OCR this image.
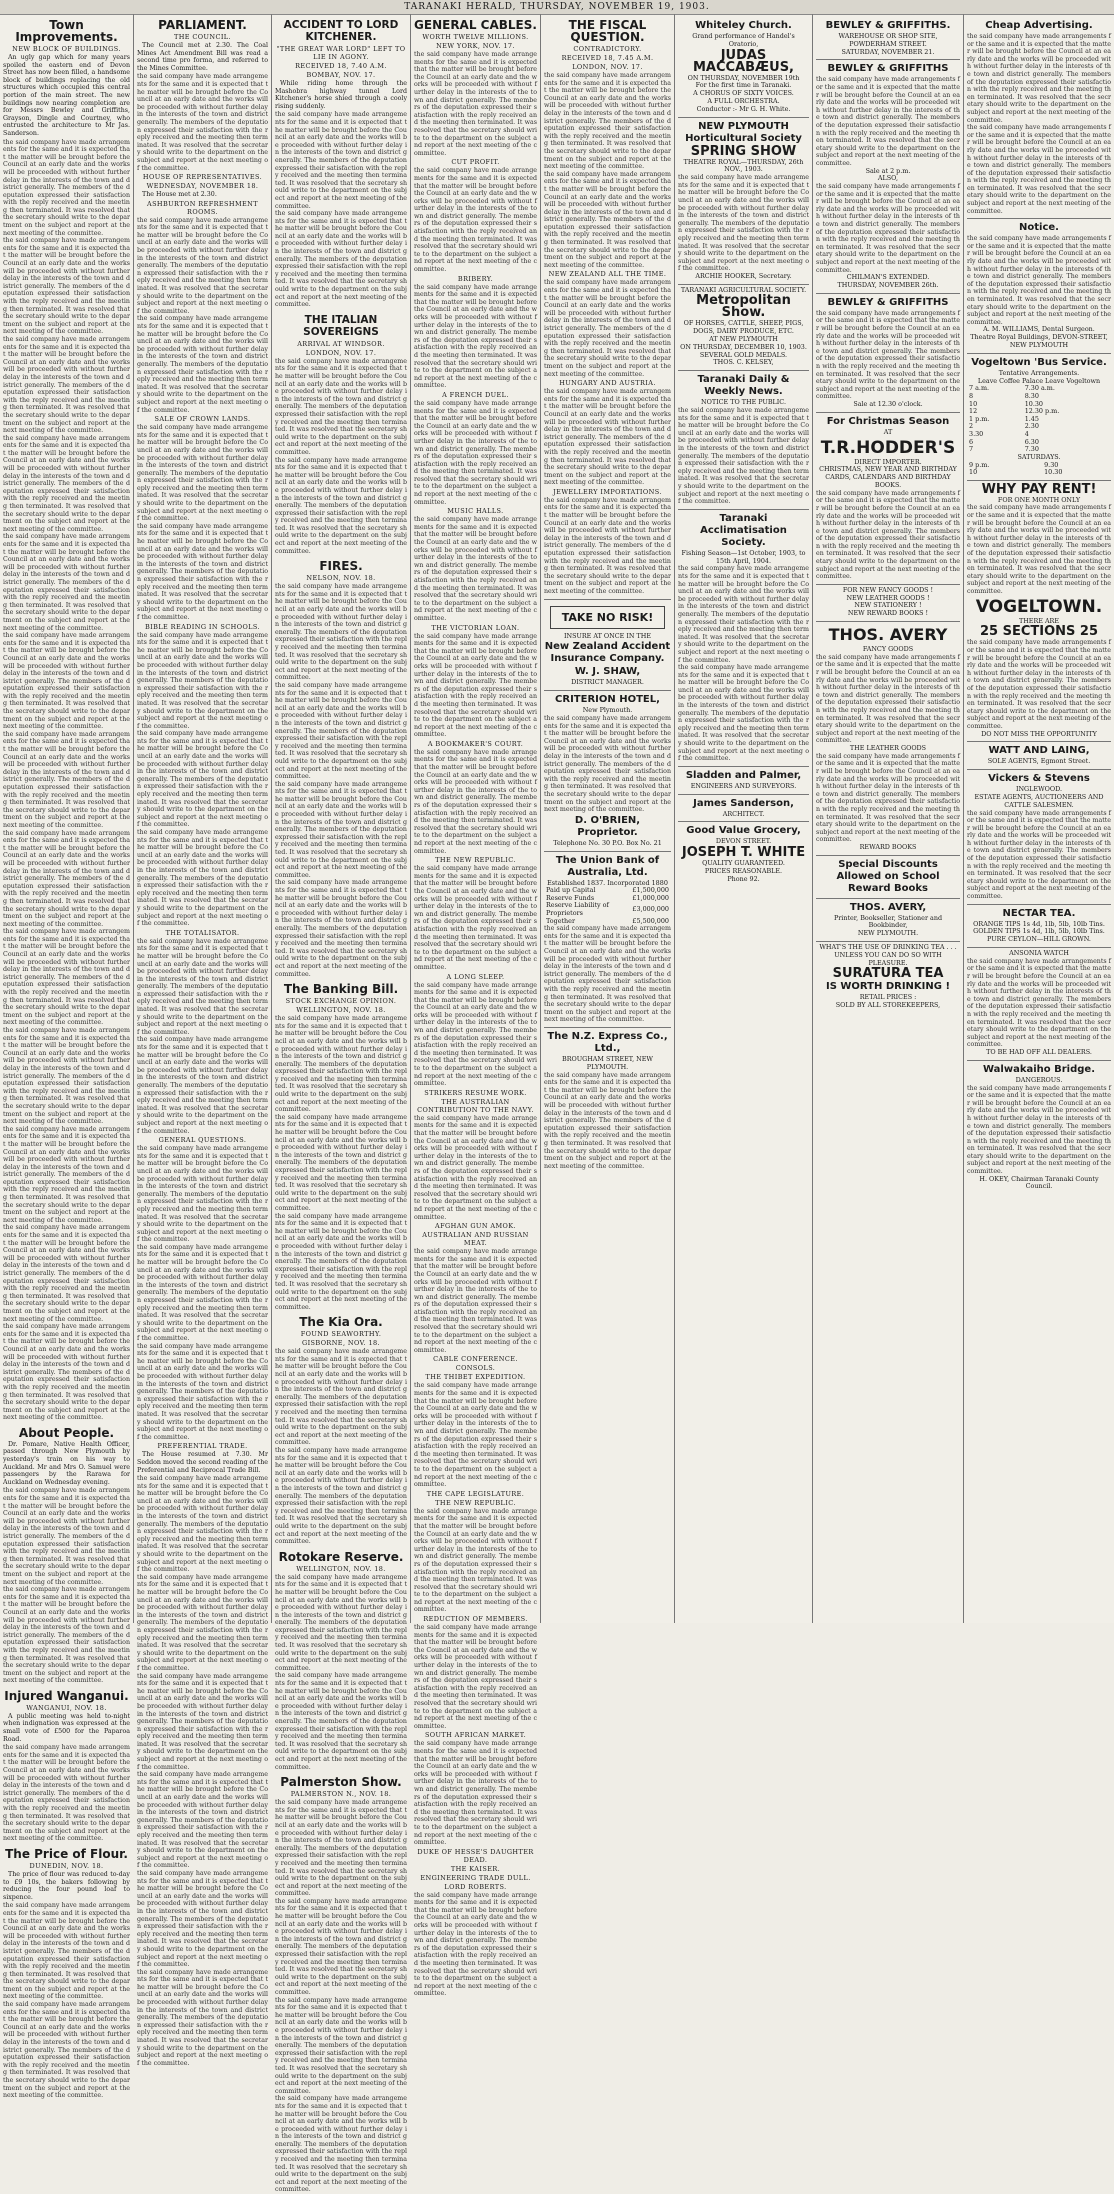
TARANAKI HERALD, THURSDAY, NOVEMBER 19, 1903.
Town Improvements.
NEW BLOCK OF BUILDINGS.

An ugly gap which for many years spoiled the eastern end of Devon Street has now been filled, a handsome block of buildings replacing the old structures which occupied this central portion of the main street. The new buildings now nearing completion are for Messrs Bewley and Griffiths, Grayson, Dingle and Courtney, who entrusted the architecture to Mr Jas. Sanderson.

the said company have made arrangements for the same and it is expected that the matter will be brought before the Council at an early date and the works will be proceeded with without further delay in the interests of the town and district generally. The members of the deputation expressed their satisfaction with the reply received and the meeting then terminated. It was resolved that the secretary should write to the department on the subject and report at the next meeting of the committee.

the said company have made arrangements for the same and it is expected that the matter will be brought before the Council at an early date and the works will be proceeded with without further delay in the interests of the town and district generally. The members of the deputation expressed their satisfaction with the reply received and the meeting then terminated. It was resolved that the secretary should write to the department on the subject and report at the next meeting of the committee.

the said company have made arrangements for the same and it is expected that the matter will be brought before the Council at an early date and the works will be proceeded with without further delay in the interests of the town and district generally. The members of the deputation expressed their satisfaction with the reply received and the meeting then terminated. It was resolved that the secretary should write to the department on the subject and report at the next meeting of the committee.

the said company have made arrangements for the same and it is expected that the matter will be brought before the Council at an early date and the works will be proceeded with without further delay in the interests of the town and district generally. The members of the deputation expressed their satisfaction with the reply received and the meeting then terminated. It was resolved that the secretary should write to the department on the subject and report at the next meeting of the committee.

the said company have made arrangements for the same and it is expected that the matter will be brought before the Council at an early date and the works will be proceeded with without further delay in the interests of the town and district generally. The members of the deputation expressed their satisfaction with the reply received and the meeting then terminated. It was resolved that the secretary should write to the department on the subject and report at the next meeting of the committee.

the said company have made arrangements for the same and it is expected that the matter will be brought before the Council at an early date and the works will be proceeded with without further delay in the interests of the town and district generally. The members of the deputation expressed their satisfaction with the reply received and the meeting then terminated. It was resolved that the secretary should write to the department on the subject and report at the next meeting of the committee.

the said company have made arrangements for the same and it is expected that the matter will be brought before the Council at an early date and the works will be proceeded with without further delay in the interests of the town and district generally. The members of the deputation expressed their satisfaction with the reply received and the meeting then terminated. It was resolved that the secretary should write to the department on the subject and report at the next meeting of the committee.

the said company have made arrangements for the same and it is expected that the matter will be brought before the Council at an early date and the works will be proceeded with without further delay in the interests of the town and district generally. The members of the deputation expressed their satisfaction with the reply received and the meeting then terminated. It was resolved that the secretary should write to the department on the subject and report at the next meeting of the committee.

the said company have made arrangements for the same and it is expected that the matter will be brought before the Council at an early date and the works will be proceeded with without further delay in the interests of the town and district generally. The members of the deputation expressed their satisfaction with the reply received and the meeting then terminated. It was resolved that the secretary should write to the department on the subject and report at the next meeting of the committee.

the said company have made arrangements for the same and it is expected that the matter will be brought before the Council at an early date and the works will be proceeded with without further delay in the interests of the town and district generally. The members of the deputation expressed their satisfaction with the reply received and the meeting then terminated. It was resolved that the secretary should write to the department on the subject and report at the next meeting of the committee.

the said company have made arrangements for the same and it is expected that the matter will be brought before the Council at an early date and the works will be proceeded with without further delay in the interests of the town and district generally. The members of the deputation expressed their satisfaction with the reply received and the meeting then terminated. It was resolved that the secretary should write to the department on the subject and report at the next meeting of the committee.

the said company have made arrangements for the same and it is expected that the matter will be brought before the Council at an early date and the works will be proceeded with without further delay in the interests of the town and district generally. The members of the deputation expressed their satisfaction with the reply received and the meeting then terminated. It was resolved that the secretary should write to the department on the subject and report at the next meeting of the committee.

the said company have made arrangements for the same and it is expected that the matter will be brought before the Council at an early date and the works will be proceeded with without further delay in the interests of the town and district generally. The members of the deputation expressed their satisfaction with the reply received and the meeting then terminated. It was resolved that the secretary should write to the department on the subject and report at the next meeting of the committee.

About People.

Dr. Pomare, Native Health Officer, passed through New Plymouth by yesterday's train on his way to Auckland. Mr and Mrs O. Samuel were passengers by the Rarawa for Auckland on Wednesday evening.

the said company have made arrangements for the same and it is expected that the matter will be brought before the Council at an early date and the works will be proceeded with without further delay in the interests of the town and district generally. The members of the deputation expressed their satisfaction with the reply received and the meeting then terminated. It was resolved that the secretary should write to the department on the subject and report at the next meeting of the committee.

the said company have made arrangements for the same and it is expected that the matter will be brought before the Council at an early date and the works will be proceeded with without further delay in the interests of the town and district generally. The members of the deputation expressed their satisfaction with the reply received and the meeting then terminated. It was resolved that the secretary should write to the department on the subject and report at the next meeting of the committee.

Injured Wanganui.
WANGANUI, NOV. 18.

A public meeting was held to-night when indignation was expressed at the small vote of £500 for the Paparoa Road.

the said company have made arrangements for the same and it is expected that the matter will be brought before the Council at an early date and the works will be proceeded with without further delay in the interests of the town and district generally. The members of the deputation expressed their satisfaction with the reply received and the meeting then terminated. It was resolved that the secretary should write to the department on the subject and report at the next meeting of the committee.

The Price of Flour.
DUNEDIN, NOV. 18.

The price of flour was reduced to-day to £9 10s, the bakers following by reducing the four pound loaf to sixpence.

the said company have made arrangements for the same and it is expected that the matter will be brought before the Council at an early date and the works will be proceeded with without further delay in the interests of the town and district generally. The members of the deputation expressed their satisfaction with the reply received and the meeting then terminated. It was resolved that the secretary should write to the department on the subject and report at the next meeting of the committee.

the said company have made arrangements for the same and it is expected that the matter will be brought before the Council at an early date and the works will be proceeded with without further delay in the interests of the town and district generally. The members of the deputation expressed their satisfaction with the reply received and the meeting then terminated. It was resolved that the secretary should write to the department on the subject and report at the next meeting of the committee.

PARLIAMENT.
THE COUNCIL.

The Council met at 2.30. The Coal Mines Act Amendment Bill was read a second time pro forma, and referred to the Mines Committee.

the said company have made arrangements for the same and it is expected that the matter will be brought before the Council at an early date and the works will be proceeded with without further delay in the interests of the town and district generally. The members of the deputation expressed their satisfaction with the reply received and the meeting then terminated. It was resolved that the secretary should write to the department on the subject and report at the next meeting of the committee.

HOUSE OF REPRESENTATIVES.
WEDNESDAY, NOVEMBER 18.

The House met at 2.30.

ASHBURTON REFRESHMENT ROOMS.

the said company have made arrangements for the same and it is expected that the matter will be brought before the Council at an early date and the works will be proceeded with without further delay in the interests of the town and district generally. The members of the deputation expressed their satisfaction with the reply received and the meeting then terminated. It was resolved that the secretary should write to the department on the subject and report at the next meeting of the committee.

the said company have made arrangements for the same and it is expected that the matter will be brought before the Council at an early date and the works will be proceeded with without further delay in the interests of the town and district generally. The members of the deputation expressed their satisfaction with the reply received and the meeting then terminated. It was resolved that the secretary should write to the department on the subject and report at the next meeting of the committee.

SALE OF CROWN LANDS.

the said company have made arrangements for the same and it is expected that the matter will be brought before the Council at an early date and the works will be proceeded with without further delay in the interests of the town and district generally. The members of the deputation expressed their satisfaction with the reply received and the meeting then terminated. It was resolved that the secretary should write to the department on the subject and report at the next meeting of the committee.

the said company have made arrangements for the same and it is expected that the matter will be brought before the Council at an early date and the works will be proceeded with without further delay in the interests of the town and district generally. The members of the deputation expressed their satisfaction with the reply received and the meeting then terminated. It was resolved that the secretary should write to the department on the subject and report at the next meeting of the committee.

BIBLE READING IN SCHOOLS.

the said company have made arrangements for the same and it is expected that the matter will be brought before the Council at an early date and the works will be proceeded with without further delay in the interests of the town and district generally. The members of the deputation expressed their satisfaction with the reply received and the meeting then terminated. It was resolved that the secretary should write to the department on the subject and report at the next meeting of the committee.

the said company have made arrangements for the same and it is expected that the matter will be brought before the Council at an early date and the works will be proceeded with without further delay in the interests of the town and district generally. The members of the deputation expressed their satisfaction with the reply received and the meeting then terminated. It was resolved that the secretary should write to the department on the subject and report at the next meeting of the committee.

the said company have made arrangements for the same and it is expected that the matter will be brought before the Council at an early date and the works will be proceeded with without further delay in the interests of the town and district generally. The members of the deputation expressed their satisfaction with the reply received and the meeting then terminated. It was resolved that the secretary should write to the department on the subject and report at the next meeting of the committee.

THE TOTALISATOR.

the said company have made arrangements for the same and it is expected that the matter will be brought before the Council at an early date and the works will be proceeded with without further delay in the interests of the town and district generally. The members of the deputation expressed their satisfaction with the reply received and the meeting then terminated. It was resolved that the secretary should write to the department on the subject and report at the next meeting of the committee.

the said company have made arrangements for the same and it is expected that the matter will be brought before the Council at an early date and the works will be proceeded with without further delay in the interests of the town and district generally. The members of the deputation expressed their satisfaction with the reply received and the meeting then terminated. It was resolved that the secretary should write to the department on the subject and report at the next meeting of the committee.

GENERAL QUESTIONS.

the said company have made arrangements for the same and it is expected that the matter will be brought before the Council at an early date and the works will be proceeded with without further delay in the interests of the town and district generally. The members of the deputation expressed their satisfaction with the reply received and the meeting then terminated. It was resolved that the secretary should write to the department on the subject and report at the next meeting of the committee.

the said company have made arrangements for the same and it is expected that the matter will be brought before the Council at an early date and the works will be proceeded with without further delay in the interests of the town and district generally. The members of the deputation expressed their satisfaction with the reply received and the meeting then terminated. It was resolved that the secretary should write to the department on the subject and report at the next meeting of the committee.

the said company have made arrangements for the same and it is expected that the matter will be brought before the Council at an early date and the works will be proceeded with without further delay in the interests of the town and district generally. The members of the deputation expressed their satisfaction with the reply received and the meeting then terminated. It was resolved that the secretary should write to the department on the subject and report at the next meeting of the committee.

PREFERENTIAL TRADE.

The House resumed at 7.30. Mr Seddon moved the second reading of the Preferential and Reciprocal Trade Bill.

the said company have made arrangements for the same and it is expected that the matter will be brought before the Council at an early date and the works will be proceeded with without further delay in the interests of the town and district generally. The members of the deputation expressed their satisfaction with the reply received and the meeting then terminated. It was resolved that the secretary should write to the department on the subject and report at the next meeting of the committee.

the said company have made arrangements for the same and it is expected that the matter will be brought before the Council at an early date and the works will be proceeded with without further delay in the interests of the town and district generally. The members of the deputation expressed their satisfaction with the reply received and the meeting then terminated. It was resolved that the secretary should write to the department on the subject and report at the next meeting of the committee.

the said company have made arrangements for the same and it is expected that the matter will be brought before the Council at an early date and the works will be proceeded with without further delay in the interests of the town and district generally. The members of the deputation expressed their satisfaction with the reply received and the meeting then terminated. It was resolved that the secretary should write to the department on the subject and report at the next meeting of the committee.

the said company have made arrangements for the same and it is expected that the matter will be brought before the Council at an early date and the works will be proceeded with without further delay in the interests of the town and district generally. The members of the deputation expressed their satisfaction with the reply received and the meeting then terminated. It was resolved that the secretary should write to the department on the subject and report at the next meeting of the committee.

the said company have made arrangements for the same and it is expected that the matter will be brought before the Council at an early date and the works will be proceeded with without further delay in the interests of the town and district generally. The members of the deputation expressed their satisfaction with the reply received and the meeting then terminated. It was resolved that the secretary should write to the department on the subject and report at the next meeting of the committee.

the said company have made arrangements for the same and it is expected that the matter will be brought before the Council at an early date and the works will be proceeded with without further delay in the interests of the town and district generally. The members of the deputation expressed their satisfaction with the reply received and the meeting then terminated. It was resolved that the secretary should write to the department on the subject and report at the next meeting of the committee.

ACCIDENT TO LORD KITCHENER.
"THE GREAT WAR LORD" LEFT TO LIE IN AGONY.
RECEIVED 18, 7.40 A.M.
BOMBAY, NOV. 17.

While riding home through the Mashobra highway tunnel Lord Kitchener's horse shied through a cooly rising suddenly.

the said company have made arrangements for the same and it is expected that the matter will be brought before the Council at an early date and the works will be proceeded with without further delay in the interests of the town and district generally. The members of the deputation expressed their satisfaction with the reply received and the meeting then terminated. It was resolved that the secretary should write to the department on the subject and report at the next meeting of the committee.

the said company have made arrangements for the same and it is expected that the matter will be brought before the Council at an early date and the works will be proceeded with without further delay in the interests of the town and district generally. The members of the deputation expressed their satisfaction with the reply received and the meeting then terminated. It was resolved that the secretary should write to the department on the subject and report at the next meeting of the committee.

THE ITALIAN SOVEREIGNS
ARRIVAL AT WINDSOR.
LONDON, NOV. 17.

the said company have made arrangements for the same and it is expected that the matter will be brought before the Council at an early date and the works will be proceeded with without further delay in the interests of the town and district generally. The members of the deputation expressed their satisfaction with the reply received and the meeting then terminated. It was resolved that the secretary should write to the department on the subject and report at the next meeting of the committee.

the said company have made arrangements for the same and it is expected that the matter will be brought before the Council at an early date and the works will be proceeded with without further delay in the interests of the town and district generally. The members of the deputation expressed their satisfaction with the reply received and the meeting then terminated. It was resolved that the secretary should write to the department on the subject and report at the next meeting of the committee.

FIRES.
NELSON, NOV. 18.

the said company have made arrangements for the same and it is expected that the matter will be brought before the Council at an early date and the works will be proceeded with without further delay in the interests of the town and district generally. The members of the deputation expressed their satisfaction with the reply received and the meeting then terminated. It was resolved that the secretary should write to the department on the subject and report at the next meeting of the committee.

the said company have made arrangements for the same and it is expected that the matter will be brought before the Council at an early date and the works will be proceeded with without further delay in the interests of the town and district generally. The members of the deputation expressed their satisfaction with the reply received and the meeting then terminated. It was resolved that the secretary should write to the department on the subject and report at the next meeting of the committee.

the said company have made arrangements for the same and it is expected that the matter will be brought before the Council at an early date and the works will be proceeded with without further delay in the interests of the town and district generally. The members of the deputation expressed their satisfaction with the reply received and the meeting then terminated. It was resolved that the secretary should write to the department on the subject and report at the next meeting of the committee.

the said company have made arrangements for the same and it is expected that the matter will be brought before the Council at an early date and the works will be proceeded with without further delay in the interests of the town and district generally. The members of the deputation expressed their satisfaction with the reply received and the meeting then terminated. It was resolved that the secretary should write to the department on the subject and report at the next meeting of the committee.

The Banking Bill.
STOCK EXCHANGE OPINION.
WELLINGTON, NOV. 18.

the said company have made arrangements for the same and it is expected that the matter will be brought before the Council at an early date and the works will be proceeded with without further delay in the interests of the town and district generally. The members of the deputation expressed their satisfaction with the reply received and the meeting then terminated. It was resolved that the secretary should write to the department on the subject and report at the next meeting of the committee.

the said company have made arrangements for the same and it is expected that the matter will be brought before the Council at an early date and the works will be proceeded with without further delay in the interests of the town and district generally. The members of the deputation expressed their satisfaction with the reply received and the meeting then terminated. It was resolved that the secretary should write to the department on the subject and report at the next meeting of the committee.

the said company have made arrangements for the same and it is expected that the matter will be brought before the Council at an early date and the works will be proceeded with without further delay in the interests of the town and district generally. The members of the deputation expressed their satisfaction with the reply received and the meeting then terminated. It was resolved that the secretary should write to the department on the subject and report at the next meeting of the committee.

The Kia Ora.
FOUND SEAWORTHY.
GISBORNE, NOV. 18.

the said company have made arrangements for the same and it is expected that the matter will be brought before the Council at an early date and the works will be proceeded with without further delay in the interests of the town and district generally. The members of the deputation expressed their satisfaction with the reply received and the meeting then terminated. It was resolved that the secretary should write to the department on the subject and report at the next meeting of the committee.

the said company have made arrangements for the same and it is expected that the matter will be brought before the Council at an early date and the works will be proceeded with without further delay in the interests of the town and district generally. The members of the deputation expressed their satisfaction with the reply received and the meeting then terminated. It was resolved that the secretary should write to the department on the subject and report at the next meeting of the committee.

Rotokare Reserve.
WELLINGTON, NOV. 18.

the said company have made arrangements for the same and it is expected that the matter will be brought before the Council at an early date and the works will be proceeded with without further delay in the interests of the town and district generally. The members of the deputation expressed their satisfaction with the reply received and the meeting then terminated. It was resolved that the secretary should write to the department on the subject and report at the next meeting of the committee.

the said company have made arrangements for the same and it is expected that the matter will be brought before the Council at an early date and the works will be proceeded with without further delay in the interests of the town and district generally. The members of the deputation expressed their satisfaction with the reply received and the meeting then terminated. It was resolved that the secretary should write to the department on the subject and report at the next meeting of the committee.

Palmerston Show.
PALMERSTON N., NOV. 18.

the said company have made arrangements for the same and it is expected that the matter will be brought before the Council at an early date and the works will be proceeded with without further delay in the interests of the town and district generally. The members of the deputation expressed their satisfaction with the reply received and the meeting then terminated. It was resolved that the secretary should write to the department on the subject and report at the next meeting of the committee.

the said company have made arrangements for the same and it is expected that the matter will be brought before the Council at an early date and the works will be proceeded with without further delay in the interests of the town and district generally. The members of the deputation expressed their satisfaction with the reply received and the meeting then terminated. It was resolved that the secretary should write to the department on the subject and report at the next meeting of the committee.

the said company have made arrangements for the same and it is expected that the matter will be brought before the Council at an early date and the works will be proceeded with without further delay in the interests of the town and district generally. The members of the deputation expressed their satisfaction with the reply received and the meeting then terminated. It was resolved that the secretary should write to the department on the subject and report at the next meeting of the committee.

the said company have made arrangements for the same and it is expected that the matter will be brought before the Council at an early date and the works will be proceeded with without further delay in the interests of the town and district generally. The members of the deputation expressed their satisfaction with the reply received and the meeting then terminated. It was resolved that the secretary should write to the department on the subject and report at the next meeting of the committee.

GENERAL CABLES.
WORTH TWELVE MILLIONS.
NEW YORK, NOV. 17.

the said company have made arrangements for the same and it is expected that the matter will be brought before the Council at an early date and the works will be proceeded with without further delay in the interests of the town and district generally. The members of the deputation expressed their satisfaction with the reply received and the meeting then terminated. It was resolved that the secretary should write to the department on the subject and report at the next meeting of the committee.

CUT PROFIT.

the said company have made arrangements for the same and it is expected that the matter will be brought before the Council at an early date and the works will be proceeded with without further delay in the interests of the town and district generally. The members of the deputation expressed their satisfaction with the reply received and the meeting then terminated. It was resolved that the secretary should write to the department on the subject and report at the next meeting of the committee.

BRIBERY.

the said company have made arrangements for the same and it is expected that the matter will be brought before the Council at an early date and the works will be proceeded with without further delay in the interests of the town and district generally. The members of the deputation expressed their satisfaction with the reply received and the meeting then terminated. It was resolved that the secretary should write to the department on the subject and report at the next meeting of the committee.

A FRENCH DUEL.

the said company have made arrangements for the same and it is expected that the matter will be brought before the Council at an early date and the works will be proceeded with without further delay in the interests of the town and district generally. The members of the deputation expressed their satisfaction with the reply received and the meeting then terminated. It was resolved that the secretary should write to the department on the subject and report at the next meeting of the committee.

MUSIC HALLS.

the said company have made arrangements for the same and it is expected that the matter will be brought before the Council at an early date and the works will be proceeded with without further delay in the interests of the town and district generally. The members of the deputation expressed their satisfaction with the reply received and the meeting then terminated. It was resolved that the secretary should write to the department on the subject and report at the next meeting of the committee.

THE VICTORIAN LOAN.

the said company have made arrangements for the same and it is expected that the matter will be brought before the Council at an early date and the works will be proceeded with without further delay in the interests of the town and district generally. The members of the deputation expressed their satisfaction with the reply received and the meeting then terminated. It was resolved that the secretary should write to the department on the subject and report at the next meeting of the committee.

A BOOKMAKER'S COURT.

the said company have made arrangements for the same and it is expected that the matter will be brought before the Council at an early date and the works will be proceeded with without further delay in the interests of the town and district generally. The members of the deputation expressed their satisfaction with the reply received and the meeting then terminated. It was resolved that the secretary should write to the department on the subject and report at the next meeting of the committee.

THE NEW REPUBLIC.

the said company have made arrangements for the same and it is expected that the matter will be brought before the Council at an early date and the works will be proceeded with without further delay in the interests of the town and district generally. The members of the deputation expressed their satisfaction with the reply received and the meeting then terminated. It was resolved that the secretary should write to the department on the subject and report at the next meeting of the committee.

A LONG SLEEP.

the said company have made arrangements for the same and it is expected that the matter will be brought before the Council at an early date and the works will be proceeded with without further delay in the interests of the town and district generally. The members of the deputation expressed their satisfaction with the reply received and the meeting then terminated. It was resolved that the secretary should write to the department on the subject and report at the next meeting of the committee.

STRIKERS RESUME WORK.
THE AUSTRALIAN CONTRIBUTION TO THE NAVY.

the said company have made arrangements for the same and it is expected that the matter will be brought before the Council at an early date and the works will be proceeded with without further delay in the interests of the town and district generally. The members of the deputation expressed their satisfaction with the reply received and the meeting then terminated. It was resolved that the secretary should write to the department on the subject and report at the next meeting of the committee.

AFGHAN GUN AMOK.
AUSTRALIAN AND RUSSIAN MEAT.

the said company have made arrangements for the same and it is expected that the matter will be brought before the Council at an early date and the works will be proceeded with without further delay in the interests of the town and district generally. The members of the deputation expressed their satisfaction with the reply received and the meeting then terminated. It was resolved that the secretary should write to the department on the subject and report at the next meeting of the committee.

CABLE CONFERENCE.
CONSOLS.
THE THIBET EXPEDITION.

the said company have made arrangements for the same and it is expected that the matter will be brought before the Council at an early date and the works will be proceeded with without further delay in the interests of the town and district generally. The members of the deputation expressed their satisfaction with the reply received and the meeting then terminated. It was resolved that the secretary should write to the department on the subject and report at the next meeting of the committee.

THE CAPE LEGISLATURE.
THE NEW REPUBLIC.

the said company have made arrangements for the same and it is expected that the matter will be brought before the Council at an early date and the works will be proceeded with without further delay in the interests of the town and district generally. The members of the deputation expressed their satisfaction with the reply received and the meeting then terminated. It was resolved that the secretary should write to the department on the subject and report at the next meeting of the committee.

REDUCTION OF MEMBERS.

the said company have made arrangements for the same and it is expected that the matter will be brought before the Council at an early date and the works will be proceeded with without further delay in the interests of the town and district generally. The members of the deputation expressed their satisfaction with the reply received and the meeting then terminated. It was resolved that the secretary should write to the department on the subject and report at the next meeting of the committee.

SOUTH AFRICAN MARKET.

the said company have made arrangements for the same and it is expected that the matter will be brought before the Council at an early date and the works will be proceeded with without further delay in the interests of the town and district generally. The members of the deputation expressed their satisfaction with the reply received and the meeting then terminated. It was resolved that the secretary should write to the department on the subject and report at the next meeting of the committee.

DUKE OF HESSE'S DAUGHTER DEAD.
THE KAISER.
ENGINEERING TRADE DULL.
LORD ROBERTS.

the said company have made arrangements for the same and it is expected that the matter will be brought before the Council at an early date and the works will be proceeded with without further delay in the interests of the town and district generally. The members of the deputation expressed their satisfaction with the reply received and the meeting then terminated. It was resolved that the secretary should write to the department on the subject and report at the next meeting of the committee.

THE FISCAL QUESTION.
CONTRADICTORY.
RECEIVED 18, 7.45 A.M.
LONDON, NOV. 17.

the said company have made arrangements for the same and it is expected that the matter will be brought before the Council at an early date and the works will be proceeded with without further delay in the interests of the town and district generally. The members of the deputation expressed their satisfaction with the reply received and the meeting then terminated. It was resolved that the secretary should write to the department on the subject and report at the next meeting of the committee.

the said company have made arrangements for the same and it is expected that the matter will be brought before the Council at an early date and the works will be proceeded with without further delay in the interests of the town and district generally. The members of the deputation expressed their satisfaction with the reply received and the meeting then terminated. It was resolved that the secretary should write to the department on the subject and report at the next meeting of the committee.

NEW ZEALAND ALL THE TIME.

the said company have made arrangements for the same and it is expected that the matter will be brought before the Council at an early date and the works will be proceeded with without further delay in the interests of the town and district generally. The members of the deputation expressed their satisfaction with the reply received and the meeting then terminated. It was resolved that the secretary should write to the department on the subject and report at the next meeting of the committee.

HUNGARY AND AUSTRIA.

the said company have made arrangements for the same and it is expected that the matter will be brought before the Council at an early date and the works will be proceeded with without further delay in the interests of the town and district generally. The members of the deputation expressed their satisfaction with the reply received and the meeting then terminated. It was resolved that the secretary should write to the department on the subject and report at the next meeting of the committee.

JEWELLERY IMPORTATIONS.

the said company have made arrangements for the same and it is expected that the matter will be brought before the Council at an early date and the works will be proceeded with without further delay in the interests of the town and district generally. The members of the deputation expressed their satisfaction with the reply received and the meeting then terminated. It was resolved that the secretary should write to the department on the subject and report at the next meeting of the committee.

TAKE NO RISK!

INSURE AT ONCE IN THE

New Zealand Accident Insurance Company.
W. J. SHAW,

DISTRICT MANAGER.

CRITERION HOTEL,

New Plymouth.

the said company have made arrangements for the same and it is expected that the matter will be brought before the Council at an early date and the works will be proceeded with without further delay in the interests of the town and district generally. The members of the deputation expressed their satisfaction with the reply received and the meeting then terminated. It was resolved that the secretary should write to the department on the subject and report at the next meeting of the committee.

D. O'BRIEN, Proprietor.

Telephone No. 30 P.O. Box No. 21

The Union Bank of Australia, Ltd.

Established 1837. Incorporated 1880

Paid up Capital	£1,500,000
Reserve Funds	£1,000,000
Reserve Liability of Proprietors	£3,000,000
Together	£5,500,000

the said company have made arrangements for the same and it is expected that the matter will be brought before the Council at an early date and the works will be proceeded with without further delay in the interests of the town and district generally. The members of the deputation expressed their satisfaction with the reply received and the meeting then terminated. It was resolved that the secretary should write to the department on the subject and report at the next meeting of the committee.

The N.Z. Express Co., Ltd.,

BROUGHAM STREET, NEW PLYMOUTH.

the said company have made arrangements for the same and it is expected that the matter will be brought before the Council at an early date and the works will be proceeded with without further delay in the interests of the town and district generally. The members of the deputation expressed their satisfaction with the reply received and the meeting then terminated. It was resolved that the secretary should write to the department on the subject and report at the next meeting of the committee.

Whiteley Church.

Grand performance of Handel's Oratorio,

JUDAS MACCABÆUS,

ON THURSDAY, NOVEMBER 19th

For the first time in Taranaki.

A CHORUS OF SIXTY VOICES.

A FULL ORCHESTRA.

Conductor :- Mr G. H. White.

NEW PLYMOUTH Horticultural Society
SPRING SHOW

THEATRE ROYAL—THURSDAY, 26th NOV., 1903.

the said company have made arrangements for the same and it is expected that the matter will be brought before the Council at an early date and the works will be proceeded with without further delay in the interests of the town and district generally. The members of the deputation expressed their satisfaction with the reply received and the meeting then terminated. It was resolved that the secretary should write to the department on the subject and report at the next meeting of the committee.

ARCHIE HOOKER, Secretary.

TARANAKI AGRICULTURAL SOCIETY.

Metropolitan Show.

OF HORSES, CATTLE, SHEEP, PIGS, DOGS, DAIRY PRODUCE, ETC.

AT NEW PLYMOUTH

ON THURSDAY, DECEMBER 10, 1903.

SEVERAL GOLD MEDALS.

THOS. C. KELSEY,

Taranaki Daily & Weekly News.

NOTICE TO THE PUBLIC.

the said company have made arrangements for the same and it is expected that the matter will be brought before the Council at an early date and the works will be proceeded with without further delay in the interests of the town and district generally. The members of the deputation expressed their satisfaction with the reply received and the meeting then terminated. It was resolved that the secretary should write to the department on the subject and report at the next meeting of the committee.

Taranaki Acclimatisation Society.

Fishing Season—1st October, 1903, to 15th April, 1904.

the said company have made arrangements for the same and it is expected that the matter will be brought before the Council at an early date and the works will be proceeded with without further delay in the interests of the town and district generally. The members of the deputation expressed their satisfaction with the reply received and the meeting then terminated. It was resolved that the secretary should write to the department on the subject and report at the next meeting of the committee.

the said company have made arrangements for the same and it is expected that the matter will be brought before the Council at an early date and the works will be proceeded with without further delay in the interests of the town and district generally. The members of the deputation expressed their satisfaction with the reply received and the meeting then terminated. It was resolved that the secretary should write to the department on the subject and report at the next meeting of the committee.

Sladden and Palmer,

ENGINEERS AND SURVEYORS.

James Sanderson,

ARCHITECT.

Good Value Grocery,

DEVON STREET.

JOSEPH T. WHITE

QUALITY GUARANTEED.

PRICES REASONABLE.

Phone 92.

BEWLEY & GRIFFITHS.

WAREHOUSE OR SHOP SITE, POWDERHAM STREET.

SATURDAY, NOVEMBER 21.

BEWLEY & GRIFFITHS

the said company have made arrangements for the same and it is expected that the matter will be brought before the Council at an early date and the works will be proceeded with without further delay in the interests of the town and district generally. The members of the deputation expressed their satisfaction with the reply received and the meeting then terminated. It was resolved that the secretary should write to the department on the subject and report at the next meeting of the committee.

Sale at 2 p.m.

ALSO,

the said company have made arrangements for the same and it is expected that the matter will be brought before the Council at an early date and the works will be proceeded with without further delay in the interests of the town and district generally. The members of the deputation expressed their satisfaction with the reply received and the meeting then terminated. It was resolved that the secretary should write to the department on the subject and report at the next meeting of the committee.

CHILMAN'S EXTENDED.

THURSDAY, NOVEMBER 26th.

BEWLEY & GRIFFITHS

the said company have made arrangements for the same and it is expected that the matter will be brought before the Council at an early date and the works will be proceeded with without further delay in the interests of the town and district generally. The members of the deputation expressed their satisfaction with the reply received and the meeting then terminated. It was resolved that the secretary should write to the department on the subject and report at the next meeting of the committee.

Sale at 12.30 o'clock.

For Christmas Season

AT

T.R.HODDER'S

DIRECT IMPORTER.

CHRISTMAS, NEW YEAR AND BIRTHDAY CARDS, CALENDARS AND BIRTHDAY BOOKS.

the said company have made arrangements for the same and it is expected that the matter will be brought before the Council at an early date and the works will be proceeded with without further delay in the interests of the town and district generally. The members of the deputation expressed their satisfaction with the reply received and the meeting then terminated. It was resolved that the secretary should write to the department on the subject and report at the next meeting of the committee.

FOR NEW FANCY GOODS !

NEW LEATHER GOODS !

NEW STATIONERY !

NEW REWARD BOOKS !

THOS. AVERY

FANCY GOODS

the said company have made arrangements for the same and it is expected that the matter will be brought before the Council at an early date and the works will be proceeded with without further delay in the interests of the town and district generally. The members of the deputation expressed their satisfaction with the reply received and the meeting then terminated. It was resolved that the secretary should write to the department on the subject and report at the next meeting of the committee.

THE LEATHER GOODS

the said company have made arrangements for the same and it is expected that the matter will be brought before the Council at an early date and the works will be proceeded with without further delay in the interests of the town and district generally. The members of the deputation expressed their satisfaction with the reply received and the meeting then terminated. It was resolved that the secretary should write to the department on the subject and report at the next meeting of the committee.

REWARD BOOKS

Special Discounts Allowed on School Reward Books
THOS. AVERY,

Printer, Bookseller, Stationer and Bookbinder,

NEW PLYMOUTH.

WHAT'S THE USE OF DRINKING TEA . . .

UNLESS YOU CAN DO SO WITH PLEASURE.

SURATURA TEA
IS WORTH DRINKING !

RETAIL PRICES :

SOLD BY ALL STOREKEEPERS,

Cheap Advertising.

the said company have made arrangements for the same and it is expected that the matter will be brought before the Council at an early date and the works will be proceeded with without further delay in the interests of the town and district generally. The members of the deputation expressed their satisfaction with the reply received and the meeting then terminated. It was resolved that the secretary should write to the department on the subject and report at the next meeting of the committee.

the said company have made arrangements for the same and it is expected that the matter will be brought before the Council at an early date and the works will be proceeded with without further delay in the interests of the town and district generally. The members of the deputation expressed their satisfaction with the reply received and the meeting then terminated. It was resolved that the secretary should write to the department on the subject and report at the next meeting of the committee.

Notice.

the said company have made arrangements for the same and it is expected that the matter will be brought before the Council at an early date and the works will be proceeded with without further delay in the interests of the town and district generally. The members of the deputation expressed their satisfaction with the reply received and the meeting then terminated. It was resolved that the secretary should write to the department on the subject and report at the next meeting of the committee.

A. M. WILLIAMS, Dental Surgeon.

Theatre Royal Buildings, DEVON-STREET, NEW PLYMOUTH

Vogeltown 'Bus Service.

Tentative Arrangements.

Leave Coffee Palace Leave Vogeltown

7 a.m.	7.30 a.m.
8	8.30
10	10.30
12	12.30 p.m.
1 p.m.	1.45
2	2.30
3.30	4
6	6.30
7	7.30

SATURDAYS.

9 p.m.	9.30
10	10.30
WHY PAY RENT!

FOR ONE MONTH ONLY

the said company have made arrangements for the same and it is expected that the matter will be brought before the Council at an early date and the works will be proceeded with without further delay in the interests of the town and district generally. The members of the deputation expressed their satisfaction with the reply received and the meeting then terminated. It was resolved that the secretary should write to the department on the subject and report at the next meeting of the committee.

VOGELTOWN.

THERE ARE

25 SECTIONS 25

the said company have made arrangements for the same and it is expected that the matter will be brought before the Council at an early date and the works will be proceeded with without further delay in the interests of the town and district generally. The members of the deputation expressed their satisfaction with the reply received and the meeting then terminated. It was resolved that the secretary should write to the department on the subject and report at the next meeting of the committee.

DO NOT MISS THE OPPORTUNITY

WATT AND LAING,

SOLE AGENTS, Egmont Street.

Vickers & Stevens

INGLEWOOD.

ESTATE AGENTS, AUCTIONEERS AND CATTLE SALESMEN.

the said company have made arrangements for the same and it is expected that the matter will be brought before the Council at an early date and the works will be proceeded with without further delay in the interests of the town and district generally. The members of the deputation expressed their satisfaction with the reply received and the meeting then terminated. It was resolved that the secretary should write to the department on the subject and report at the next meeting of the committee.

NECTAR TEA.

ORANGE TIPS 1s 4d, 1lb, 5lb, 10lb Tins.

GOLDEN TIPS 1s 4d, 1lb, 5lb, 10lb Tins.

PURE CEYLON—HILL GROWN.

ANSONIA WATCH

the said company have made arrangements for the same and it is expected that the matter will be brought before the Council at an early date and the works will be proceeded with without further delay in the interests of the town and district generally. The members of the deputation expressed their satisfaction with the reply received and the meeting then terminated. It was resolved that the secretary should write to the department on the subject and report at the next meeting of the committee.

TO BE HAD OFF ALL DEALERS.

Walwakaiho Bridge.

DANGEROUS.

the said company have made arrangements for the same and it is expected that the matter will be brought before the Council at an early date and the works will be proceeded with without further delay in the interests of the town and district generally. The members of the deputation expressed their satisfaction with the reply received and the meeting then terminated. It was resolved that the secretary should write to the department on the subject and report at the next meeting of the committee.

H. OKEY, Chairman Taranaki County Council.
